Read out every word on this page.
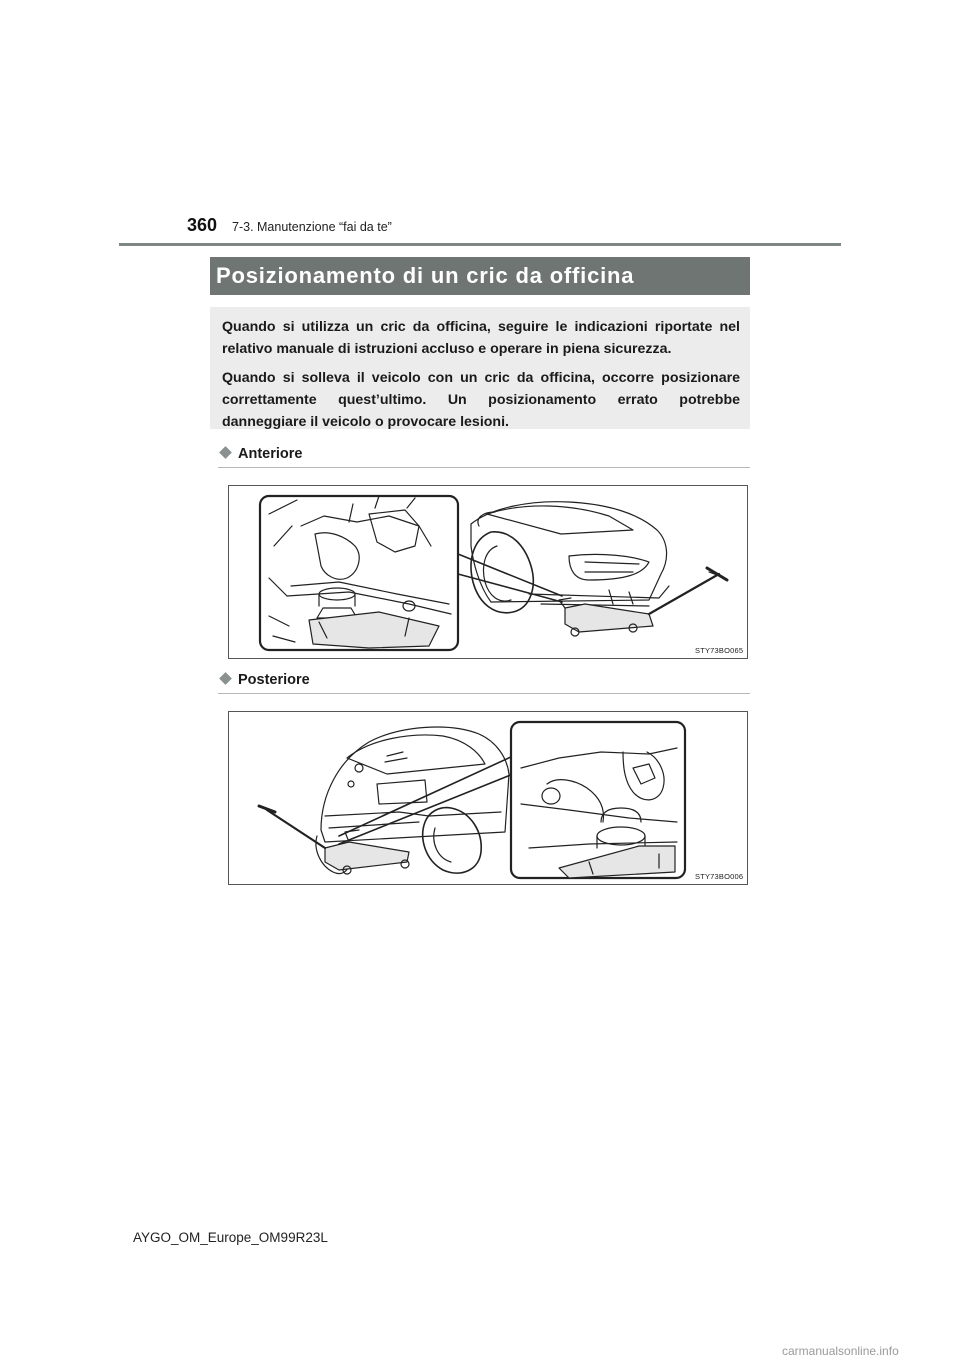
360 7-3. Manutenzione “fai da te”
Posizionamento di un cric da officina

Quando si utilizza un cric da officina, seguire le indicazioni riportate nel relativo manuale di istruzioni accluso e operare in piena sicurezza.

Quando si solleva il veicolo con un cric da officina, occorre posizionare correttamente quest’ultimo. Un posizionamento errato potrebbe danneggiare il veicolo o provocare lesioni.

Anteriore
STY73BO065
Posteriore
STY73BO006
AYGO_OM_Europe_OM99R23L
carmanualsonline.info
